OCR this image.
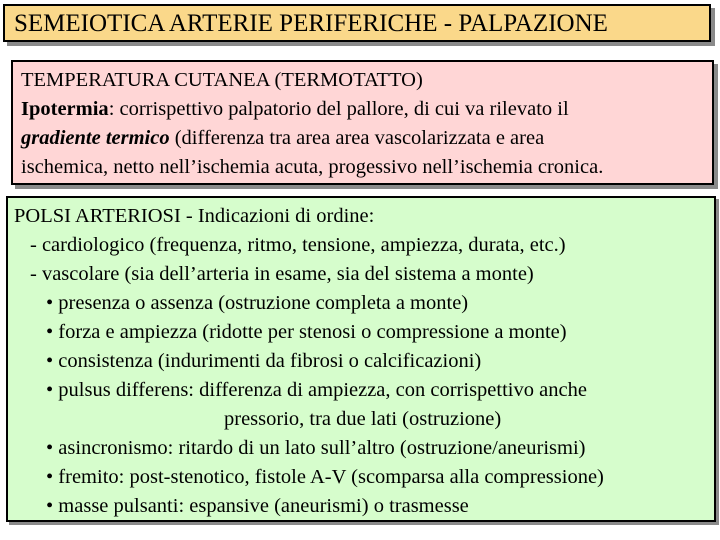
SEMEIOTICA ARTERIE PERIFERICHE - PALPAZIONE
TEMPERATURA CUTANEA (TERMOTATTO)
Ipotermia: corrispettivo palpatorio del pallore, di cui va rilevato il
gradiente termico (differenza tra area area vascolarizzata e area
ischemica, netto nell’ischemia acuta, progessivo nell’ischemia cronica.
POLSI ARTERIOSI - Indicazioni di ordine:
- cardiologico (frequenza, ritmo, tensione, ampiezza, durata, etc.)
- vascolare (sia dell’arteria in esame, sia del sistema a monte)
• presenza o assenza (ostruzione completa a monte)
• forza e ampiezza (ridotte per stenosi o compressione a monte)
• consistenza (indurimenti da fibrosi o calcificazioni)
• pulsus differens: differenza di ampiezza, con corrispettivo anche
pressorio, tra due lati (ostruzione)
• asincronismo: ritardo di un lato sull’altro (ostruzione/aneurismi)
• fremito: post-stenotico, fistole A-V (scomparsa alla compressione)
• masse pulsanti: espansive (aneurismi) o trasmesse
